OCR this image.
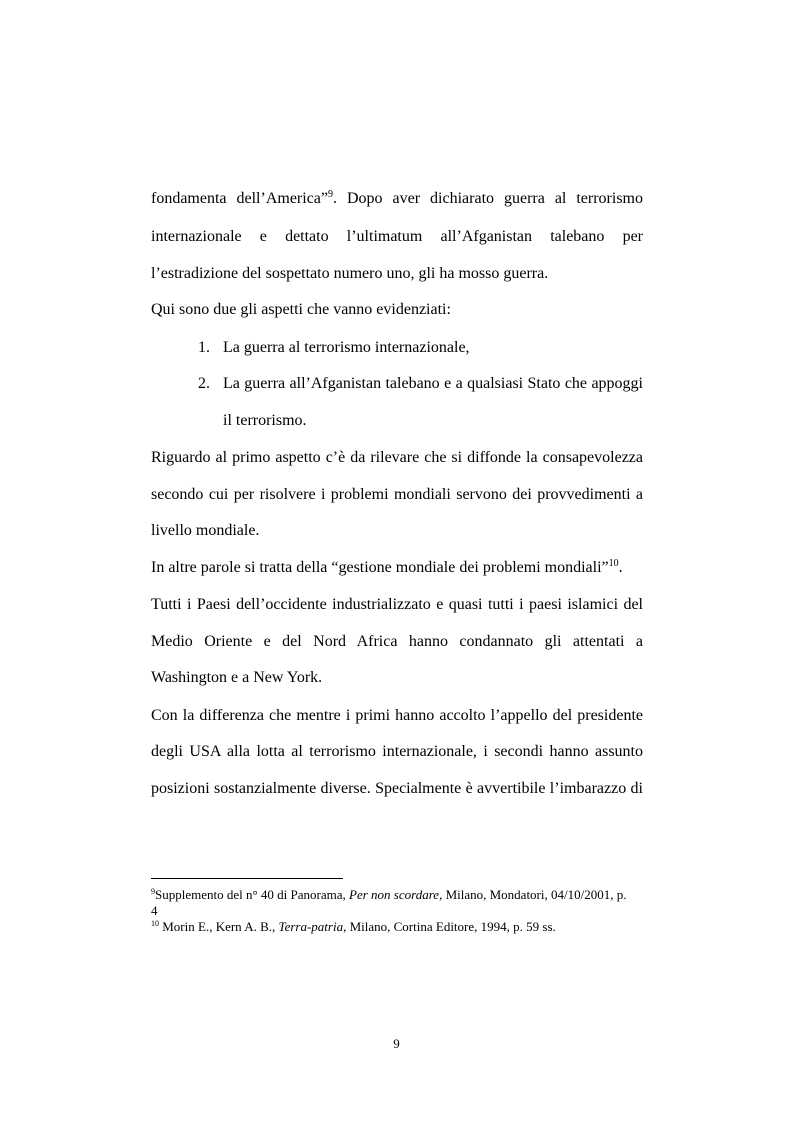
fondamenta dell’America”$^9$. Dopo aver dichiarato guerra al terrorismo
internazionale e dettato l’ultimatum all’Afganistan talebano per
l’estradizione del sospettato numero uno, gli ha mosso guerra.
Qui sono due gli aspetti che vanno evidenziati:
1. La guerra al terrorismo internazionale,
2. La guerra all’Afganistan talebano e a qualsiasi Stato che appoggi
il terrorismo.
Riguardo al primo aspetto c’è da rilevare che si diffonde la consapevolezza
secondo cui per risolvere i problemi mondiali servono dei provvedimenti a
livello mondiale.
In altre parole si tratta della “gestione mondiale dei problemi mondiali”$^{10}$.
Tutti i Paesi dell’occidente industrializzato e quasi tutti i paesi islamici del
Medio Oriente e del Nord Africa hanno condannato gli attentati a
Washington e a New York.
Con la differenza che mentre i primi hanno accolto l’appello del presidente
degli USA alla lotta al terrorismo internazionale, i secondi hanno assunto
posizioni sostanzialmente diverse. Specialmente è avvertibile l’imbarazzo di
$^9$Supplemento del n° 40 di Panorama, Per non scordare, Milano, Mondatori, 04/10/2001, p.
4
$^{10}$ Morin E., Kern A. B., Terra-patria, Milano, Cortina Editore, 1994, p. 59 ss.
9
